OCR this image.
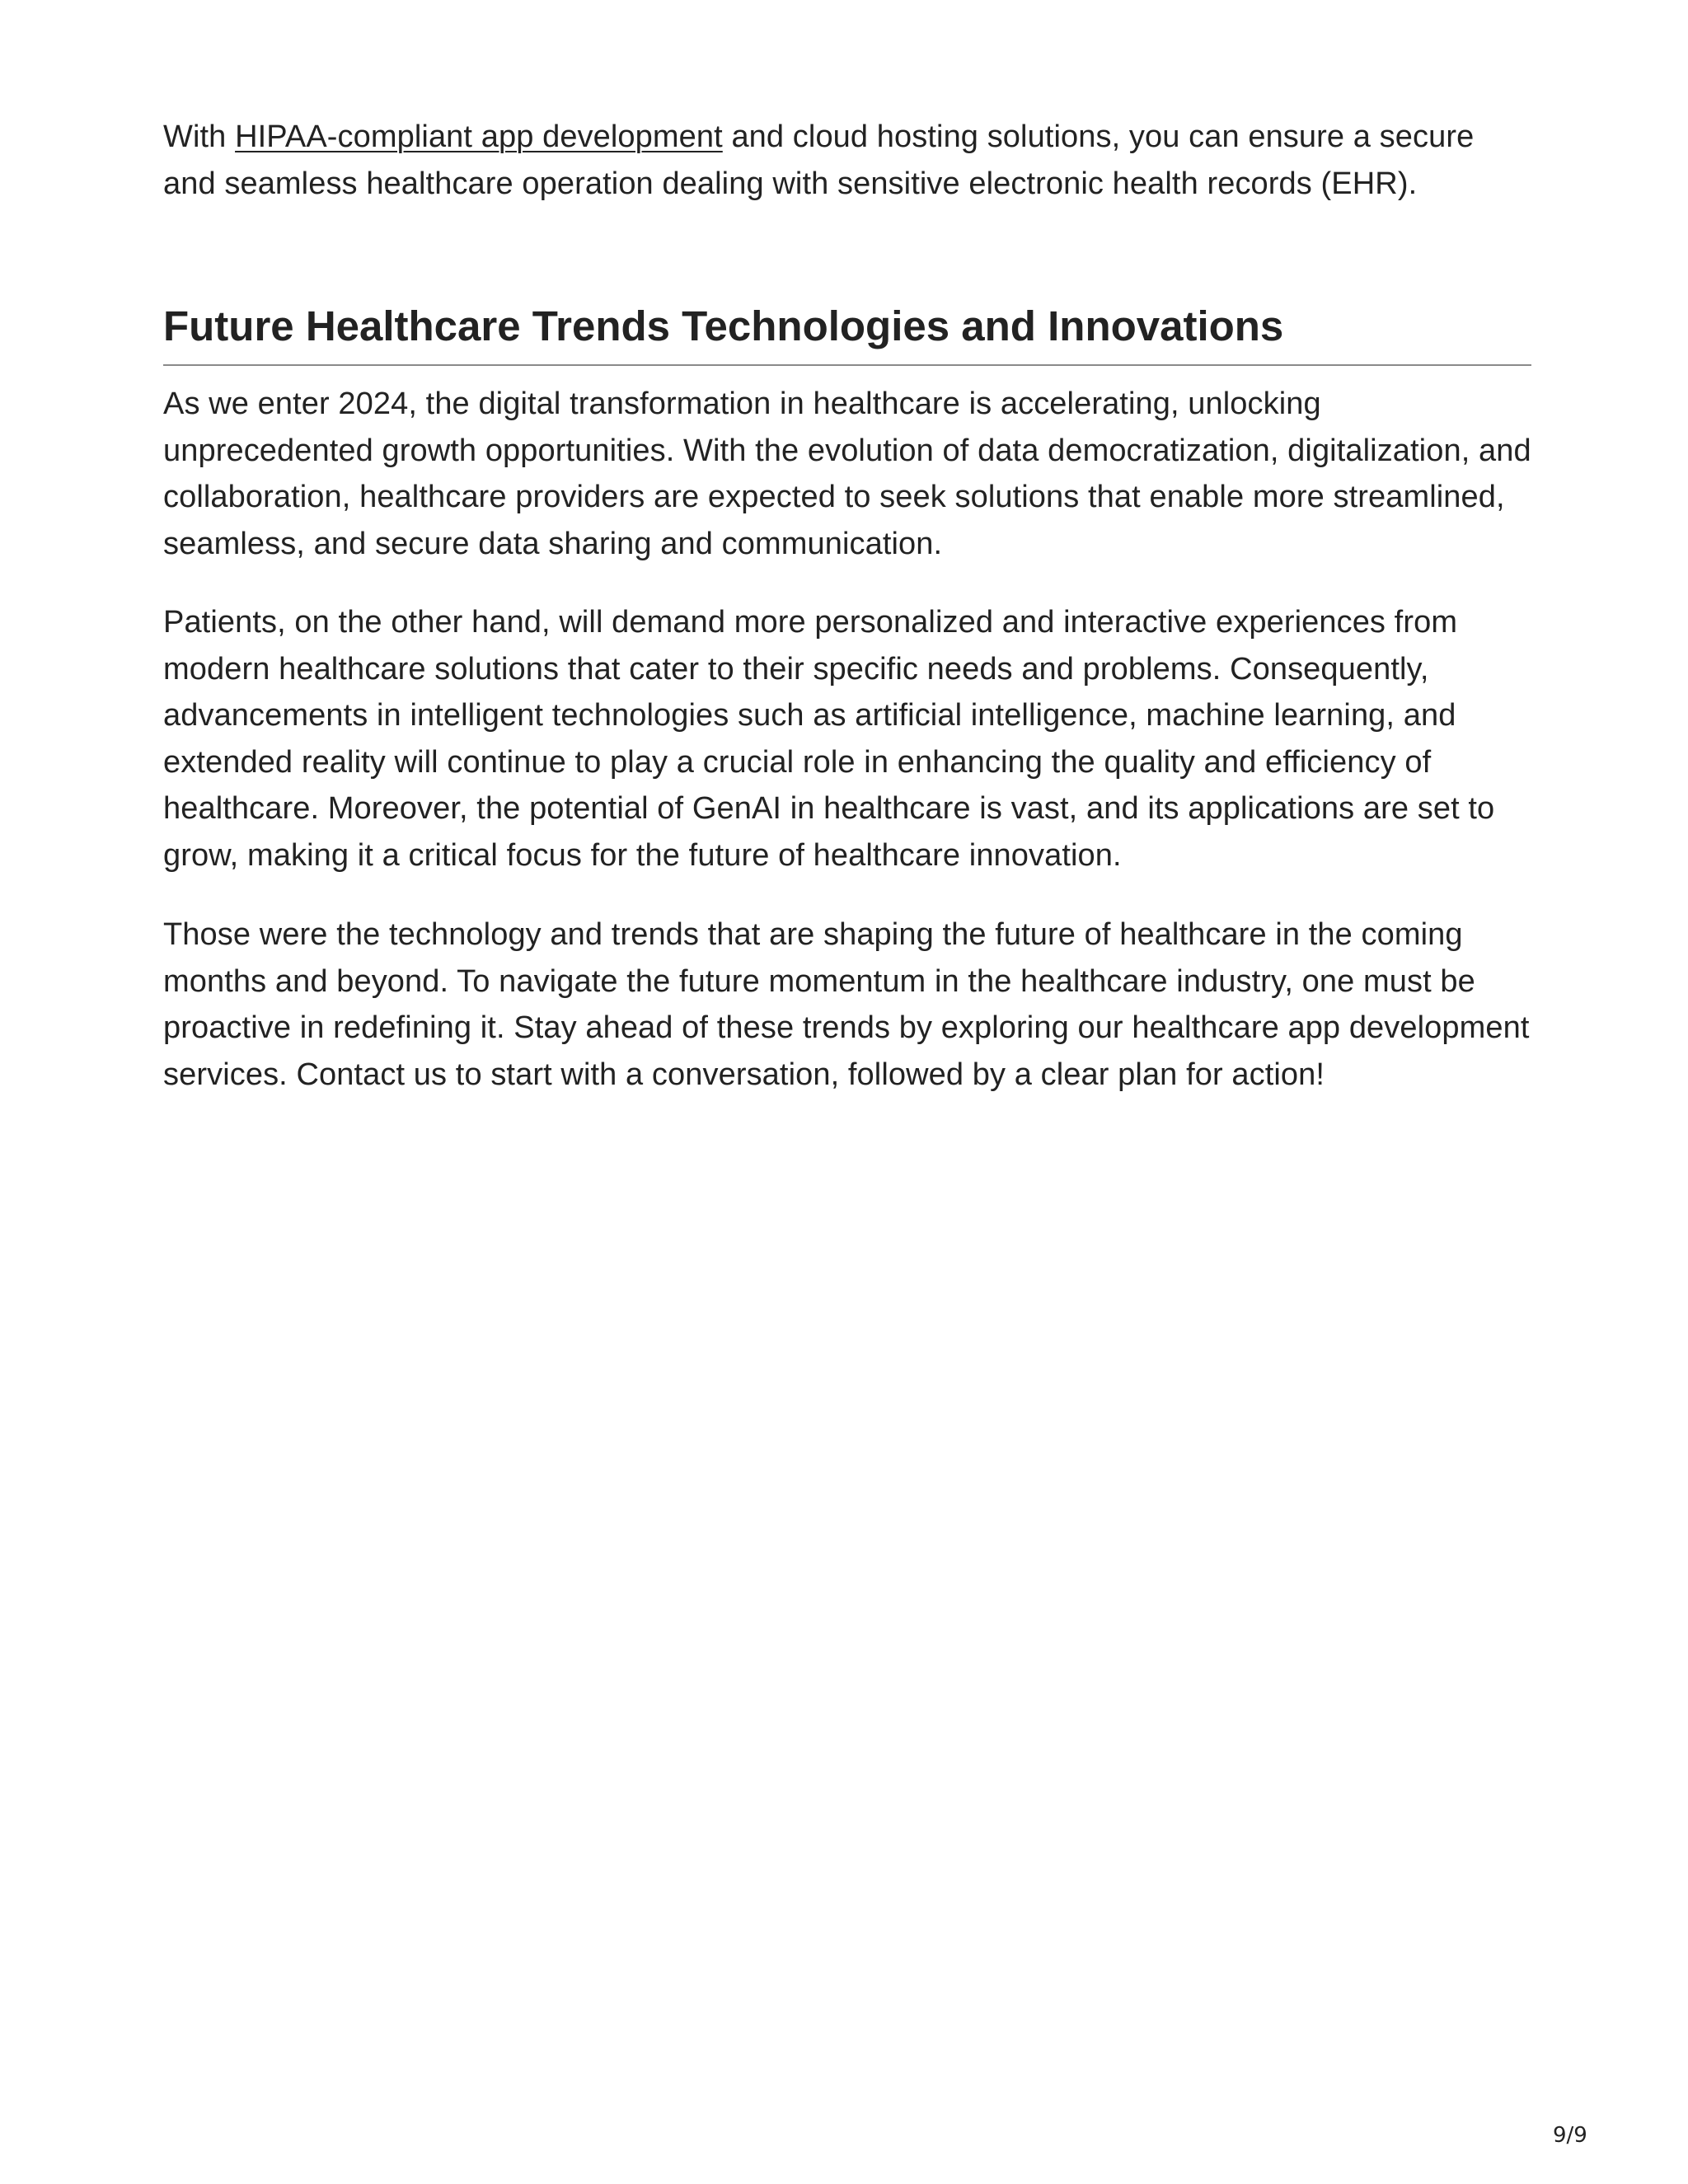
With HIPAA-compliant app development and cloud hosting solutions, you can ensure a secure and seamless healthcare operation dealing with sensitive electronic health records (EHR).

Future Healthcare Trends Technologies and Innovations

As we enter 2024, the digital transformation in healthcare is accelerating, unlocking unprecedented growth opportunities. With the evolution of data democratization, digitalization, and collaboration, healthcare providers are expected to seek solutions that enable more streamlined, seamless, and secure data sharing and communication.

Patients, on the other hand, will demand more personalized and interactive experiences from modern healthcare solutions that cater to their specific needs and problems. Consequently, advancements in intelligent technologies such as artificial intelligence, machine learning, and extended reality will continue to play a crucial role in enhancing the quality and efficiency of healthcare. Moreover, the potential of GenAI in healthcare is vast, and its applications are set to grow, making it a critical focus for the future of healthcare innovation.

Those were the technology and trends that are shaping the future of healthcare in the coming months and beyond. To navigate the future momentum in the healthcare industry, one must be proactive in redefining it. Stay ahead of these trends by exploring our healthcare app development services. Contact us to start with a conversation, followed by a clear plan for action!

9/9
